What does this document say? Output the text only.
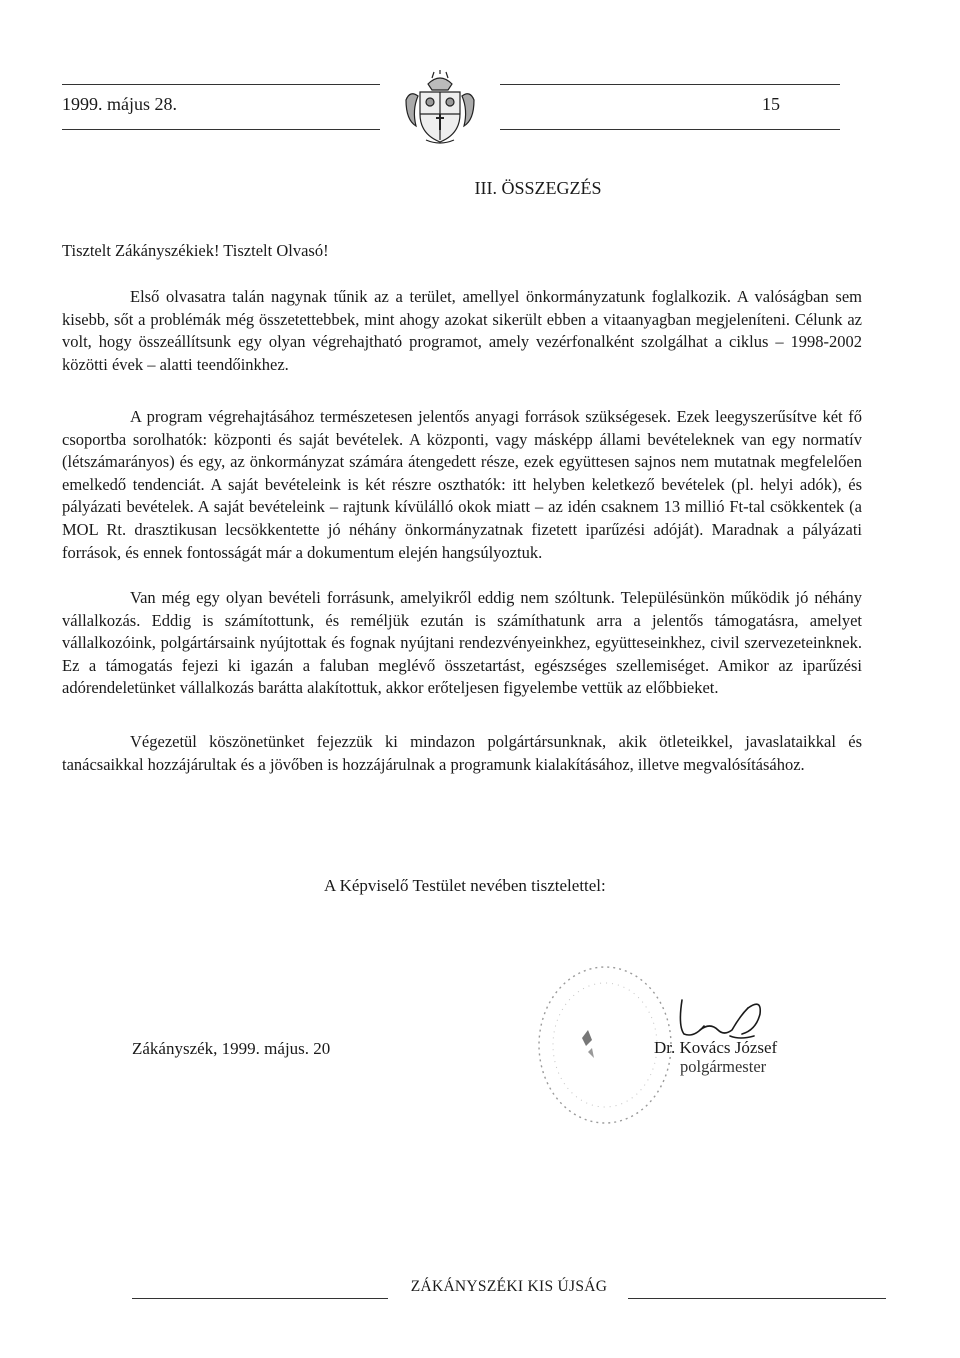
1999. május 28.	15
III. ÖSSZEGZÉS
Tisztelt Zákányszékiek! Tisztelt Olvasó!

Első olvasatra talán nagynak tűnik az a terület, amellyel önkormányzatunk foglalkozik. A valóságban sem kisebb, sőt a problémák még összetettebbek, mint ahogy azokat sikerült ebben a vitaanyagban megjeleníteni. Célunk az volt, hogy összeállítsunk egy olyan végrehajtható programot, amely vezérfonalként szolgálhat a ciklus – 1998-2002 közötti évek – alatti teendőinkhez.

A program végrehajtásához természetesen jelentős anyagi források szükségesek. Ezek leegyszerűsítve két fő csoportba sorolhatók: központi és saját bevételek. A központi, vagy másképp állami bevételeknek van egy normatív (létszámarányos) és egy, az önkormányzat számára átengedett része, ezek együttesen sajnos nem mutatnak megfelelően emelkedő tendenciát. A saját bevételeink is két részre oszthatók: itt helyben keletkező bevételek (pl. helyi adók), és pályázati bevételek. A saját bevételeink – rajtunk kívülálló okok miatt – az idén csaknem 13 millió Ft-tal csökkentek (a MOL Rt. drasztikusan lecsökkentette jó néhány önkormányzatnak fizetett iparűzési adóját). Maradnak a pályázati források, és ennek fontosságát már a dokumentum elején hangsúlyoztuk.

Van még egy olyan bevételi forrásunk, amelyikről eddig nem szóltunk. Településünkön működik jó néhány vállalkozás. Eddig is számítottunk, és reméljük ezután is számíthatunk arra a jelentős támogatásra, amelyet vállalkozóink, polgártársaink nyújtottak és fognak nyújtani rendezvényeinkhez, együtteseinkhez, civil szervezeteinknek. Ez a támogatás fejezi ki igazán a faluban meglévő összetartást, egészséges szellemiséget. Amikor az iparűzési adórendeletünket vállalkozás barátta alakítottuk, akkor erőteljesen figyelembe vettük az előbbieket.

Végezetül köszönetünket fejezzük ki mindazon polgártársunknak, akik ötleteikkel, javaslataikkal és tanácsaikkal hozzájárultak és a jövőben is hozzájárulnak a programunk kialakításához, illetve megvalósításához.

A Képviselő Testület nevében tisztelettel:
Zákányszék, 1999. május. 20	Dr. Kovács József
polgármester
ZÁKÁNYSZÉKI KIS ÚJSÁG
